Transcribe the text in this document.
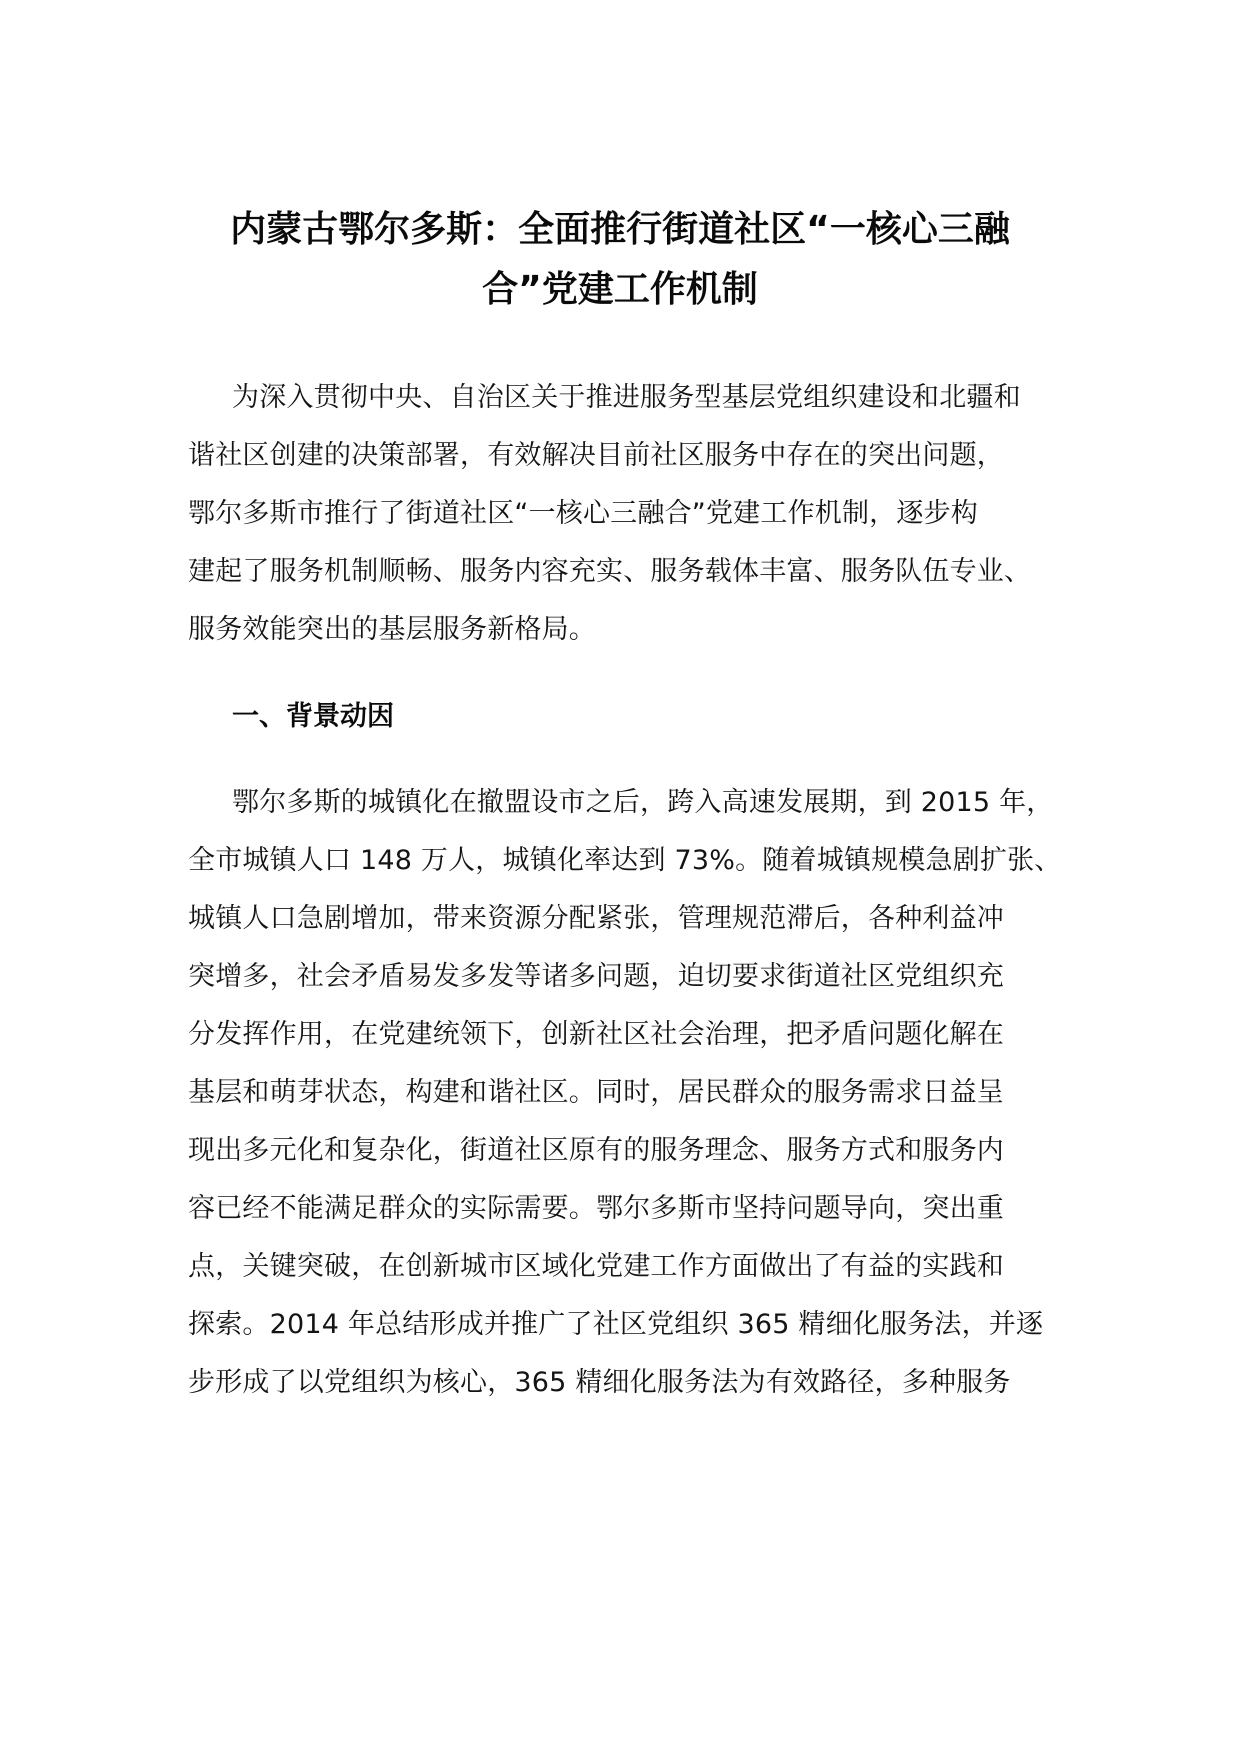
内蒙古鄂尔多斯：全面推行街道社区“一核心三融
合”党建工作机制
为深入贯彻中央、自治区关于推进服务型基层党组织建设和北疆和
谐社区创建的决策部署，有效解决目前社区服务中存在的突出问题，
鄂尔多斯市推行了街道社区“一核心三融合”党建工作机制，逐步构
建起了服务机制顺畅、服务内容充实、服务载体丰富、服务队伍专业、
服务效能突出的基层服务新格局。
一、背景动因
鄂尔多斯的城镇化在撤盟设市之后，跨入高速发展期，到 2015 年，
全市城镇人口 148 万人，城镇化率达到 73%。随着城镇规模急剧扩张、
城镇人口急剧增加，带来资源分配紧张，管理规范滞后，各种利益冲
突增多，社会矛盾易发多发等诸多问题，迫切要求街道社区党组织充
分发挥作用，在党建统领下，创新社区社会治理，把矛盾问题化解在
基层和萌芽状态，构建和谐社区。同时，居民群众的服务需求日益呈
现出多元化和复杂化，街道社区原有的服务理念、服务方式和服务内
容已经不能满足群众的实际需要。鄂尔多斯市坚持问题导向，突出重
点，关键突破，在创新城市区域化党建工作方面做出了有益的实践和
探索。2014 年总结形成并推广了社区党组织 365 精细化服务法，并逐
步形成了以党组织为核心，365 精细化服务法为有效路径，多种服务
